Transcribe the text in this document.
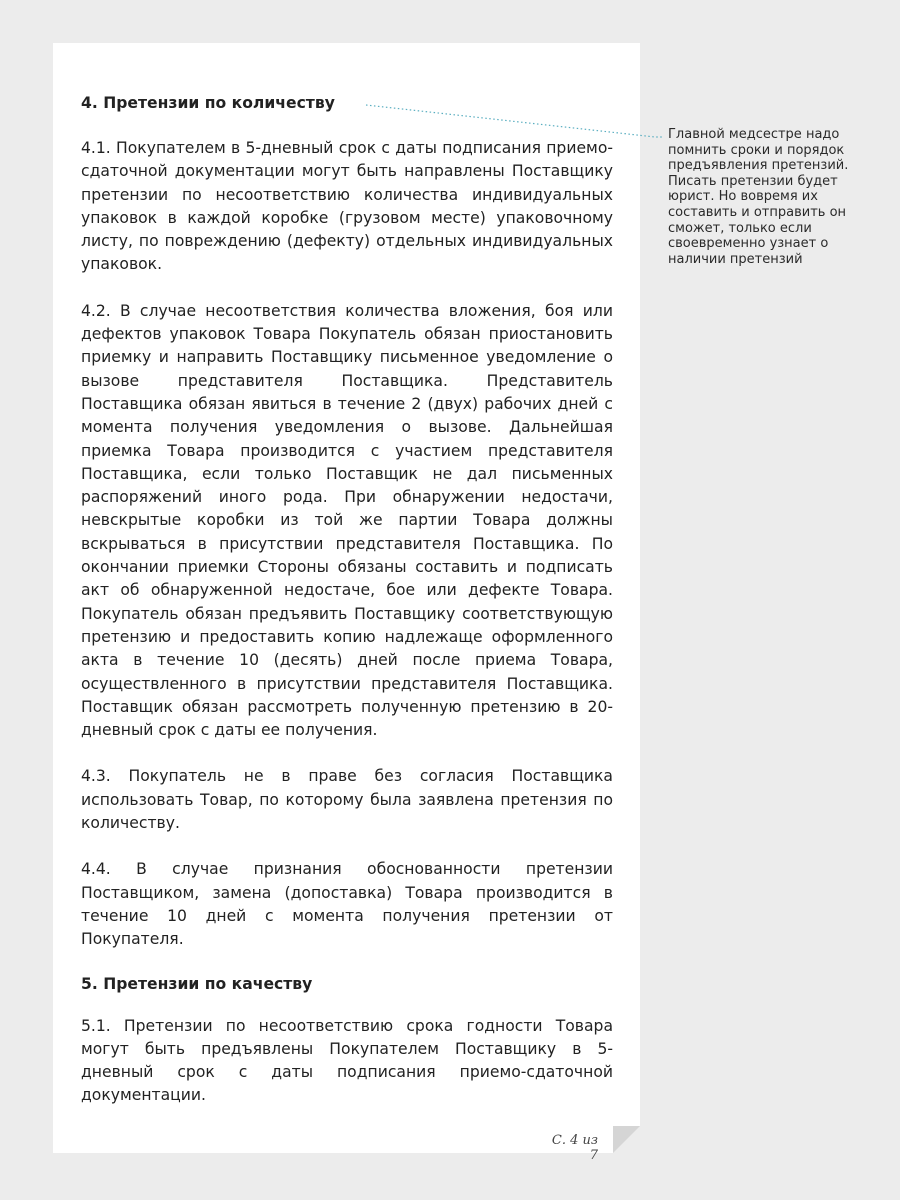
4. Претензии по количеству

4.1. Покупателем в 5-дневный срок с даты подписания приемо-сдаточной документации могут быть направлены Поставщику претензии по несоответствию количества индивидуальных упаковок в каждой коробке (грузовом месте) упаковочному листу, по повреждению (дефекту) отдельных индивидуальных упаковок.

4.2. В случае несоответствия количества вложения, боя или дефектов упаковок Товара Покупатель обязан приостановить приемку и направить Поставщику письменное уведомление о вызове представителя Поставщика. Представитель Поставщика обязан явиться в течение 2 (двух) рабочих дней с момента получения уведомления о вызове. Дальнейшая приемка Товара производится с участием представителя Поставщика, если только Поставщик не дал письменных распоряжений иного рода. При обнаружении недостачи, невскрытые коробки из той же партии Товара должны вскрываться в присутствии представителя Поставщика. По окончании приемки Стороны обязаны составить и подписать акт об обнаруженной недостаче, бое или дефекте Товара. Покупатель обязан предъявить Поставщику соответствующую претензию и предоставить копию надлежаще оформленного акта в течение 10 (десять) дней после приема Товара, осуществленного в присутствии представителя Поставщика. Поставщик обязан рассмотреть полученную претензию в 20-дневный срок с даты ее получения.

4.3. Покупатель не в праве без согласия Поставщика использовать Товар, по которому была заявлена претензия по количеству.

4.4. В случае признания обоснованности претензии Поставщиком, замена (допоставка) Товара производится в течение 10 дней с момента получения претензии от Покупателя.

5. Претензии по качеству

5.1. Претензии по несоответствию срока годности Товара могут быть предъявлены Покупателем Поставщику в 5-дневный срок с даты подписания приемо-сдаточной документации.

С. 4 из 7
Главной медсестре надо помнить сроки и порядок предъявления претензий. Писать претензии будет юрист. Но вовремя их составить и отправить он сможет, только если своевременно узнает о наличии претензий
